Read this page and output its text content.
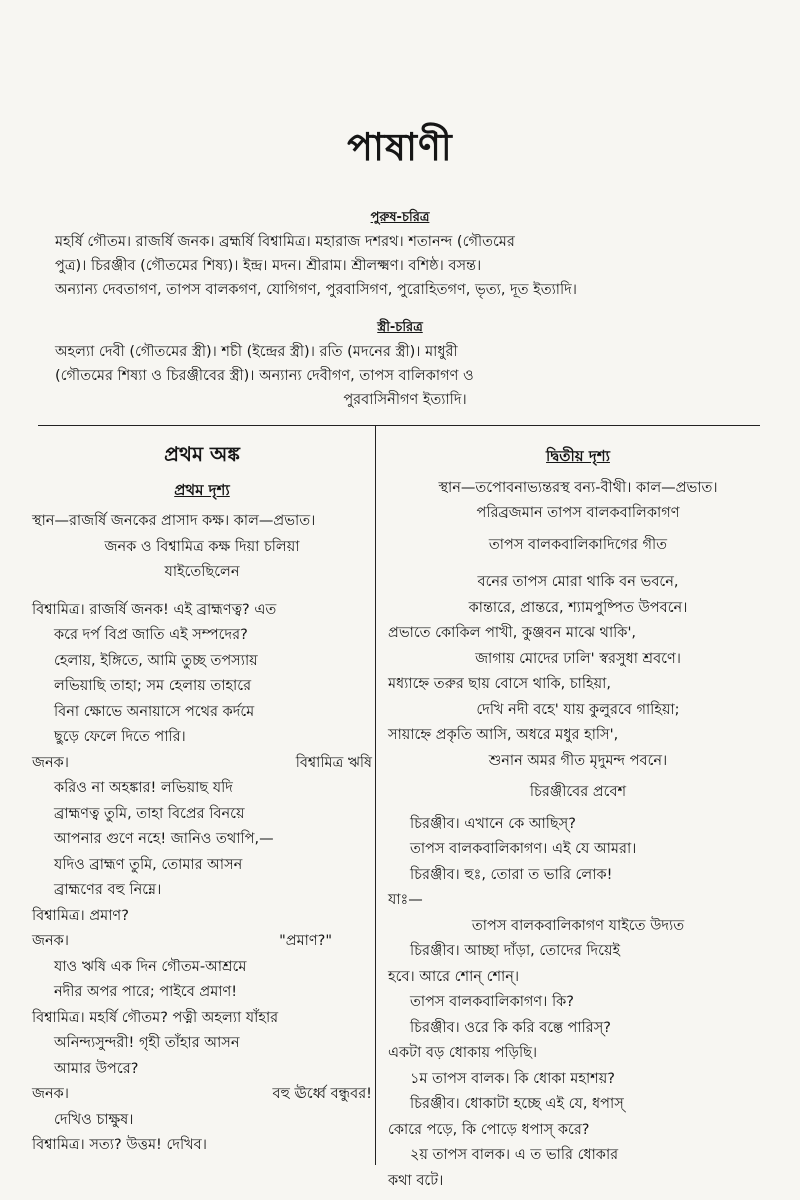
পাষাণী
পুরুষ-চরিত্র
মহর্ষি গৌতম। রাজর্ষি জনক। ব্রহ্মর্ষি বিশ্বামিত্র। মহারাজ দশরথ। শতানন্দ (গৌতমের
পুত্র)। চিরঞ্জীব (গৌতমের শিষ্য)। ইন্দ্র। মদন। শ্রীরাম। শ্রীলক্ষ্মণ। বশিষ্ঠ। বসন্ত।
অন্যান্য দেবতাগণ, তাপস বালকগণ, যোগিগণ, পুরবাসিগণ, পুরোহিতগণ, ভৃত্য, দূত ইত্যাদি।
স্ত্রী-চরিত্র
অহল্যা দেবী (গৌতমের স্ত্রী)। শচী (ইন্দ্রের স্ত্রী)। রতি (মদনের স্ত্রী)। মাধুরী
(গৌতমের শিষ্যা ও চিরঞ্জীবের স্ত্রী)। অন্যান্য দেবীগণ, তাপস বালিকাগণ ও
পুরবাসিনীগণ ইত্যাদি।
প্রথম অঙ্ক
প্রথম দৃশ্য
স্থান—রাজর্ষি জনকের প্রাসাদ কক্ষ। কাল—প্রভাত।
জনক ও বিশ্বামিত্র কক্ষ দিয়া চলিয়া
যাইতেছিলেন
বিশ্বামিত্র। রাজর্ষি জনক! এই ব্রাহ্মণত্ব? এত
করে দর্প বিপ্র জাতি এই সম্পদের?
হেলায়, ইঙ্গিতে, আমি তুচ্ছ তপস্যায়
লভিয়াছি তাহা; সম হেলায় তাহারে
বিনা ক্ষোভে অনায়াসে পথের কর্দমে
ছুড়ে ফেলে দিতে পারি।
জনক।	বিশ্বামিত্র ঋষি
করিও না অহঙ্কার! লভিয়াছ যদি
ব্রাহ্মণত্ব তুমি, তাহা বিপ্রের বিনয়ে
আপনার গুণে নহে! জানিও তথাপি,—
যদিও ব্রাহ্মণ তুমি, তোমার আসন
ব্রাহ্মণের বহু নিম্নে।
বিশ্বামিত্র। প্রমাণ?
জনক।	"প্রমাণ?"
যাও ঋষি এক দিন গৌতম-আশ্রমে
নদীর অপর পারে; পাইবে প্রমাণ!
বিশ্বামিত্র। মহর্ষি গৌতম? পত্নী অহল্যা যাঁহার
অনিন্দ্যসুন্দরী! গৃহী তাঁহার আসন
আমার উপরে?
জনক।	বহু ঊর্ধ্বে বন্ধুবর!
দেখিও চাক্ষুষ।
বিশ্বামিত্র। সত্য? উত্তম! দেখিব।
দ্বিতীয় দৃশ্য
স্থান—তপোবনাভ্যন্তরস্থ বন্য-বীথী। কাল—প্রভাত।
পরিব্রজমান তাপস বালকবালিকাগণ
তাপস বালকবালিকাদিগের গীত
বনের তাপস মোরা থাকি বন ভবনে,
কান্তারে, প্রান্তরে, শ্যামপুষ্পিত উপবনে।
প্রভাতে কোকিল পাখী, কুঞ্জবন মাঝে থাকি',
জাগায় মোদের ঢালি' স্বরসুধা শ্রবণে।
মধ্যাহ্নে তরুর ছায় বোসে থাকি, চাহিয়া,
দেখি নদী বহে' যায় কুলুরবে গাহিয়া;
সায়াহ্নে প্রকৃতি আসি, অধরে মধুর হাসি',
শুনান অমর গীত মৃদুমন্দ পবনে।
চিরঞ্জীবের প্রবেশ
চিরঞ্জীব। এখানে কে আছিস্?
তাপস বালকবালিকাগণ। এই যে আমরা।
চিরঞ্জীব। হুঃ, তোরা ত ভারি লোক!
যাঃ—
তাপস বালকবালিকাগণ যাইতে উদ্যত
চিরঞ্জীব। আচ্ছা দাঁড়া, তোদের দিয়েই
হবে। আরে শোন্ শোন্।
তাপস বালকবালিকাগণ। কি?
চিরঞ্জীব। ওরে কি করি বল্তে পারিস্?
একটা বড় ধোকায় পড়িছি।
১ম তাপস বালক। কি ধোকা মহাশয়?
চিরঞ্জীব। ধোকাটা হচ্ছে এই যে, ধপাস্
কোরে পড়ে, কি পোড়ে ধপাস্ করে?
২য় তাপস বালক। এ ত ভারি ধোকার
কথা বটে।
